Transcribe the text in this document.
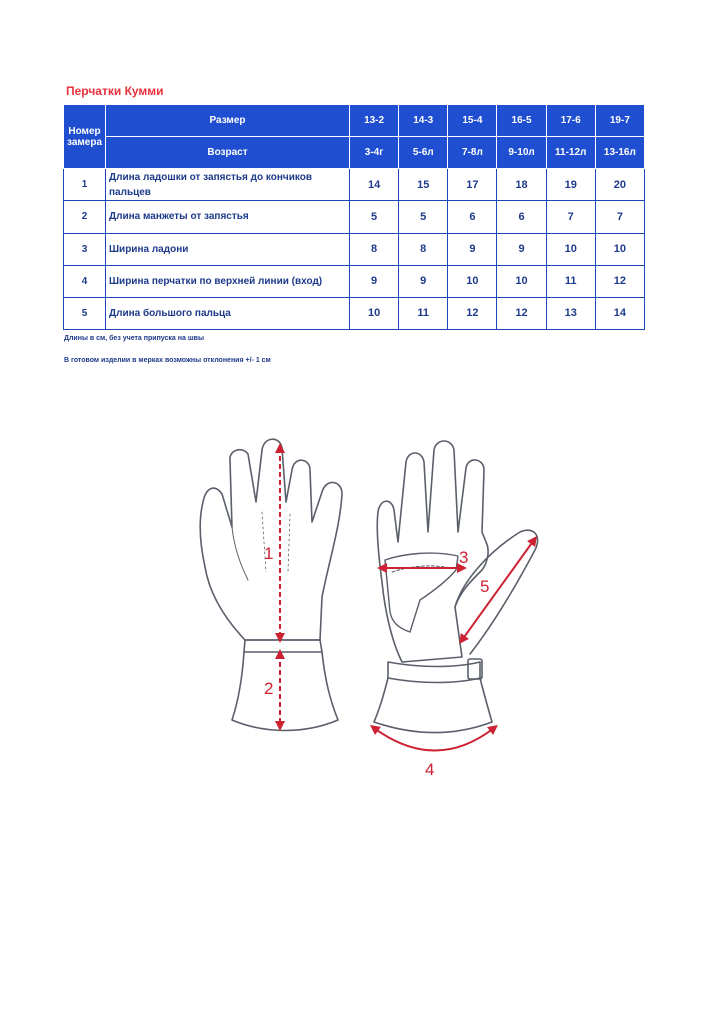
Перчатки Кумми
Номер замера	Размер	13-2	14-3	15-4	16-5	17-6	19-7
	Возраст	3-4г	5-6л	7-8л	9-10л	11-12л	13-16л
1	Длина ладошки от запястья до кончиков пальцев	14	15	17	18	19	20
2	Длина манжеты от запястья	5	5	6	6	7	7
3	Ширина ладони	8	8	9	9	10	10
4	Ширина перчатки по верхней линии (вход)	9	9	10	10	11	12
5	Длина большого пальца	10	11	12	12	13	14
Длины в см, без учета припуска на швы
В готовом изделии в мерках возможны отклонения +/- 1 см
1
2
3
4
5
